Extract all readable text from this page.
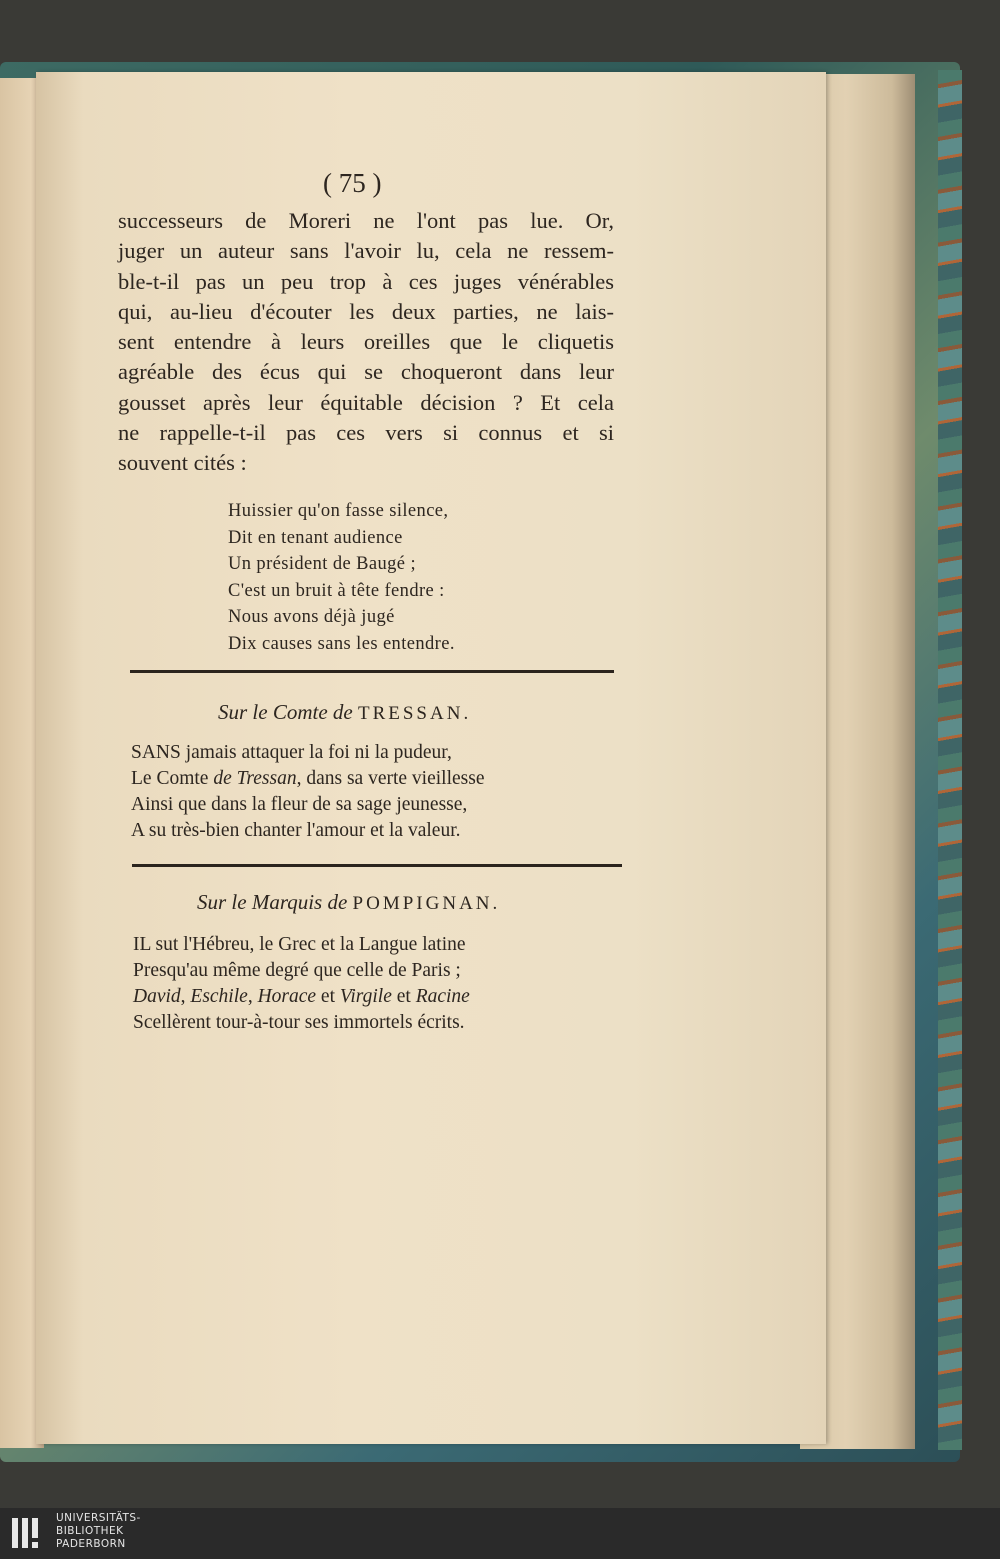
( 75 )
successeurs de Moreri ne l'ont pas lue. Or,
juger un auteur sans l'avoir lu, cela ne ressem-
ble-t-il pas un peu trop à ces juges vénérables
qui, au-lieu d'écouter les deux parties, ne lais-
sent entendre à leurs oreilles que le cliquetis
agréable des écus qui se choqueront dans leur
gousset après leur équitable décision ? Et cela
ne rappelle-t-il pas ces vers si connus et si
souvent cités :
Huissier qu'on fasse silence,
Dit en tenant audience
Un président de Baugé ;
C'est un bruit à tête fendre :
Nous avons déjà jugé
Dix causes sans les entendre.
Sur le Comte de TRESSAN.
SANS jamais attaquer la foi ni la pudeur,
Le Comte de Tressan, dans sa verte vieillesse
Ainsi que dans la fleur de sa sage jeunesse,
A su très-bien chanter l'amour et la valeur.
Sur le Marquis de POMPIGNAN.
IL sut l'Hébreu, le Grec et la Langue latine
Presqu'au même degré que celle de Paris ;
David, Eschile, Horace et Virgile et Racine
Scellèrent tour-à-tour ses immortels écrits.
UNIVERSITÄTS-
BIBLIOTHEK
PADERBORN
